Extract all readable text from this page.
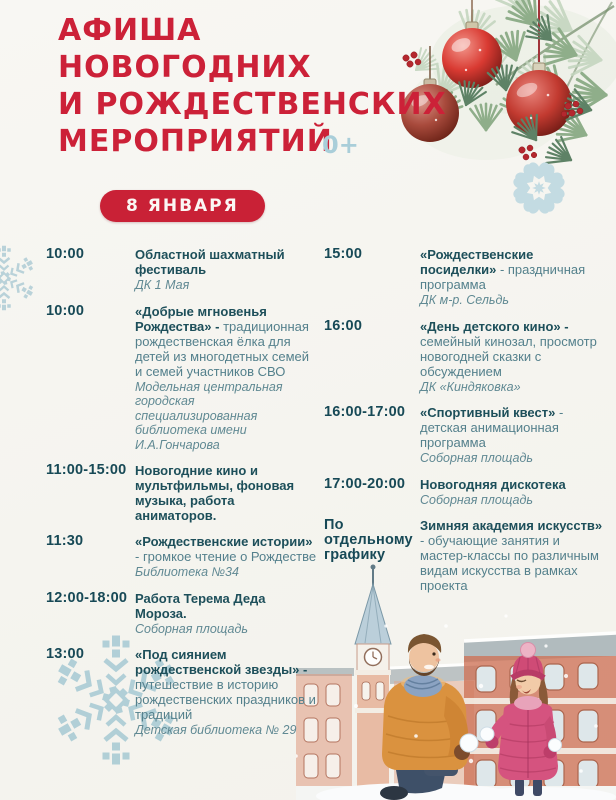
АФИША
НОВОГОДНИХ
И РОЖДЕСТВЕНСКИХ
МЕРОПРИЯТИЙ
0+
8 ЯНВАРЯ
10:00	Областной шахматный фестиваль
ДК 1 Мая
10:00	«Добрые мгновенья Рождества» - традиционная рождественская ёлка для детей из многодетных семей и семей участников СВО
Модельная центральная городская специализированная библиотека имени И.А.Гончарова
11:00-15:00 Новогодние кино и мультфильмы, фоновая музыка, работа аниматоров.
11:30	«Рождественские истории» - громкое чтение о Рождестве
Библиотека №34
12:00-18:00 Работа Терема Деда Мороза.
Соборная площадь
13:00	«Под сиянием рождественской звезды» - путешествие в историю рождественских праздников и традиций
Детская библиотека № 29
15:00	«Рождественские посиделки» - праздничная программа
ДК м-р. Сельдь
16:00	«День детского кино» - семейный кинозал, просмотр новогодней сказки с обсуждением
ДК «Киндяковка»
16:00-17:00	«Спортивный квест» - детская анимационная программа
Соборная площадь
17:00-20:00	Новогодняя дискотека
Соборная площадь
По отдельному графику
Зимняя академия искусств» - обучающие занятия и мастер-классы по различным видам искусства в рамках проекта
